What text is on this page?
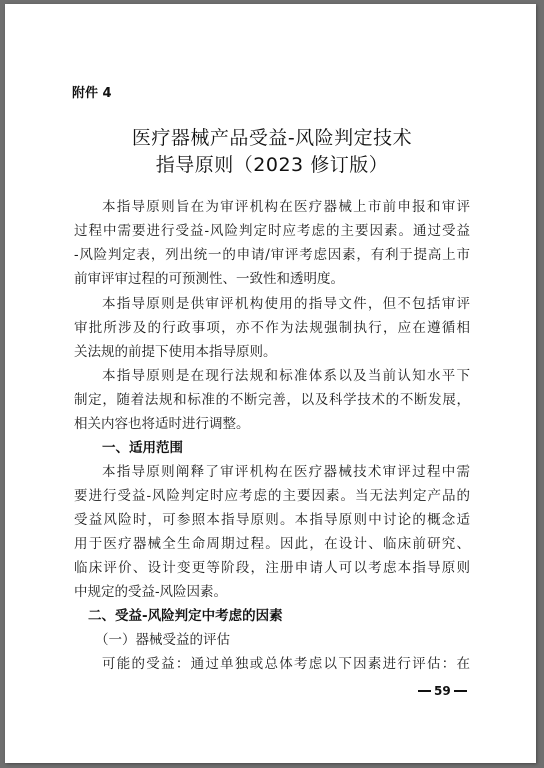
附件 4
医疗器械产品受益-风险判定技术
指导原则（2023 修订版）
本指导原则旨在为审评机构在医疗器械上市前申报和审评
过程中需要进行受益-风险判定时应考虑的主要因素。通过受益
-风险判定表，列出统一的申请/审评考虑因素，有利于提高上市
前审评审过程的可预测性、一致性和透明度。
本指导原则是供审评机构使用的指导文件，但不包括审评
审批所涉及的行政事项，亦不作为法规强制执行，应在遵循相
关法规的前提下使用本指导原则。
本指导原则是在现行法规和标准体系以及当前认知水平下
制定，随着法规和标准的不断完善，以及科学技术的不断发展，
相关内容也将适时进行调整。
一、适用范围
本指导原则阐释了审评机构在医疗器械技术审评过程中需
要进行受益-风险判定时应考虑的主要因素。当无法判定产品的
受益风险时，可参照本指导原则。本指导原则中讨论的概念适
用于医疗器械全生命周期过程。因此，在设计、临床前研究、
临床评价、设计变更等阶段，注册申请人可以考虑本指导原则
中规定的受益-风险因素。
二、受益-风险判定中考虑的因素
（一）器械受益的评估
可能的受益：通过单独或总体考虑以下因素进行评估：在
59
